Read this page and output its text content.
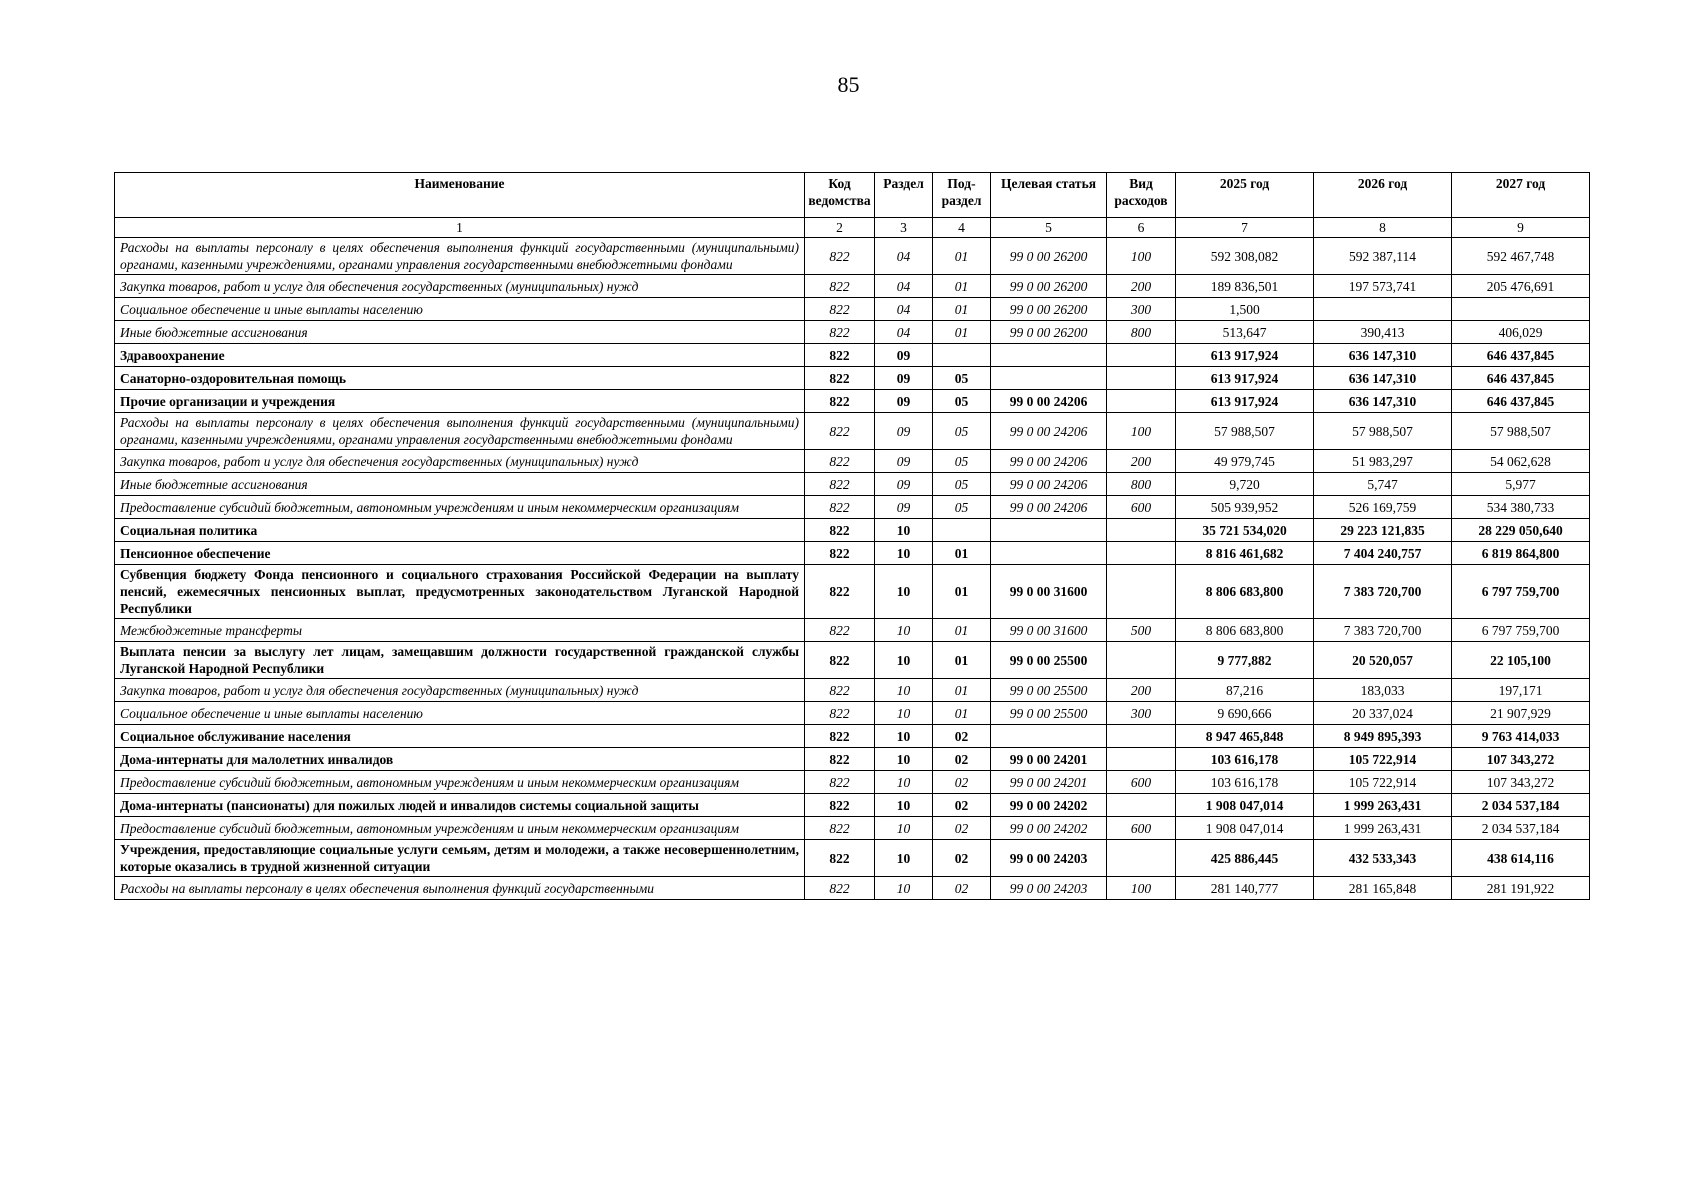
85
Наименование	Код ведомства	Раздел	Под-раздел	Целевая статья	Вид расходов	2025 год	2026 год	2027 год
1	2	3	4	5	6	7	8	9
Расходы на выплаты персоналу в целях обеспечения выполнения функций государственными (муниципальными) органами, казенными учреждениями, органами управления государственными внебюджетными фондами	822	04	01	99 0 00 26200	100	592 308,082	592 387,114	592 467,748
Закупка товаров, работ и услуг для обеспечения государственных (муниципальных) нужд	822	04	01	99 0 00 26200	200	189 836,501	197 573,741	205 476,691
Социальное обеспечение и иные выплаты населению	822	04	01	99 0 00 26200	300	1,500		
Иные бюджетные ассигнования	822	04	01	99 0 00 26200	800	513,647	390,413	406,029
Здравоохранение	822	09				613 917,924	636 147,310	646 437,845
Санаторно-оздоровительная помощь	822	09	05			613 917,924	636 147,310	646 437,845
Прочие организации и учреждения	822	09	05	99 0 00 24206		613 917,924	636 147,310	646 437,845
Расходы на выплаты персоналу в целях обеспечения выполнения функций государственными (муниципальными) органами, казенными учреждениями, органами управления государственными внебюджетными фондами	822	09	05	99 0 00 24206	100	57 988,507	57 988,507	57 988,507
Закупка товаров, работ и услуг для обеспечения государственных (муниципальных) нужд	822	09	05	99 0 00 24206	200	49 979,745	51 983,297	54 062,628
Иные бюджетные ассигнования	822	09	05	99 0 00 24206	800	9,720	5,747	5,977
Предоставление субсидий бюджетным, автономным учреждениям и иным некоммерческим организациям	822	09	05	99 0 00 24206	600	505 939,952	526 169,759	534 380,733
Социальная политика	822	10				35 721 534,020	29 223 121,835	28 229 050,640
Пенсионное обеспечение	822	10	01			8 816 461,682	7 404 240,757	6 819 864,800
Субвенция бюджету Фонда пенсионного и социального страхования Российской Федерации на выплату пенсий, ежемесячных пенсионных выплат, предусмотренных законодательством Луганской Народной Республики	822	10	01	99 0 00 31600		8 806 683,800	7 383 720,700	6 797 759,700
Межбюджетные трансферты	822	10	01	99 0 00 31600	500	8 806 683,800	7 383 720,700	6 797 759,700
Выплата пенсии за выслугу лет лицам, замещавшим должности государственной гражданской службы Луганской Народной Республики	822	10	01	99 0 00 25500		9 777,882	20 520,057	22 105,100
Закупка товаров, работ и услуг для обеспечения государственных (муниципальных) нужд	822	10	01	99 0 00 25500	200	87,216	183,033	197,171
Социальное обеспечение и иные выплаты населению	822	10	01	99 0 00 25500	300	9 690,666	20 337,024	21 907,929
Социальное обслуживание населения	822	10	02			8 947 465,848	8 949 895,393	9 763 414,033
Дома-интернаты для малолетних инвалидов	822	10	02	99 0 00 24201		103 616,178	105 722,914	107 343,272
Предоставление субсидий бюджетным, автономным учреждениям и иным некоммерческим организациям	822	10	02	99 0 00 24201	600	103 616,178	105 722,914	107 343,272
Дома-интернаты (пансионаты) для пожилых людей и инвалидов системы социальной защиты	822	10	02	99 0 00 24202		1 908 047,014	1 999 263,431	2 034 537,184
Предоставление субсидий бюджетным, автономным учреждениям и иным некоммерческим организациям	822	10	02	99 0 00 24202	600	1 908 047,014	1 999 263,431	2 034 537,184
Учреждения, предоставляющие социальные услуги семьям, детям и молодежи, а также несовершеннолетним, которые оказались в трудной жизненной ситуации	822	10	02	99 0 00 24203		425 886,445	432 533,343	438 614,116
Расходы на выплаты персоналу в целях обеспечения выполнения функций государственными	822	10	02	99 0 00 24203	100	281 140,777	281 165,848	281 191,922
